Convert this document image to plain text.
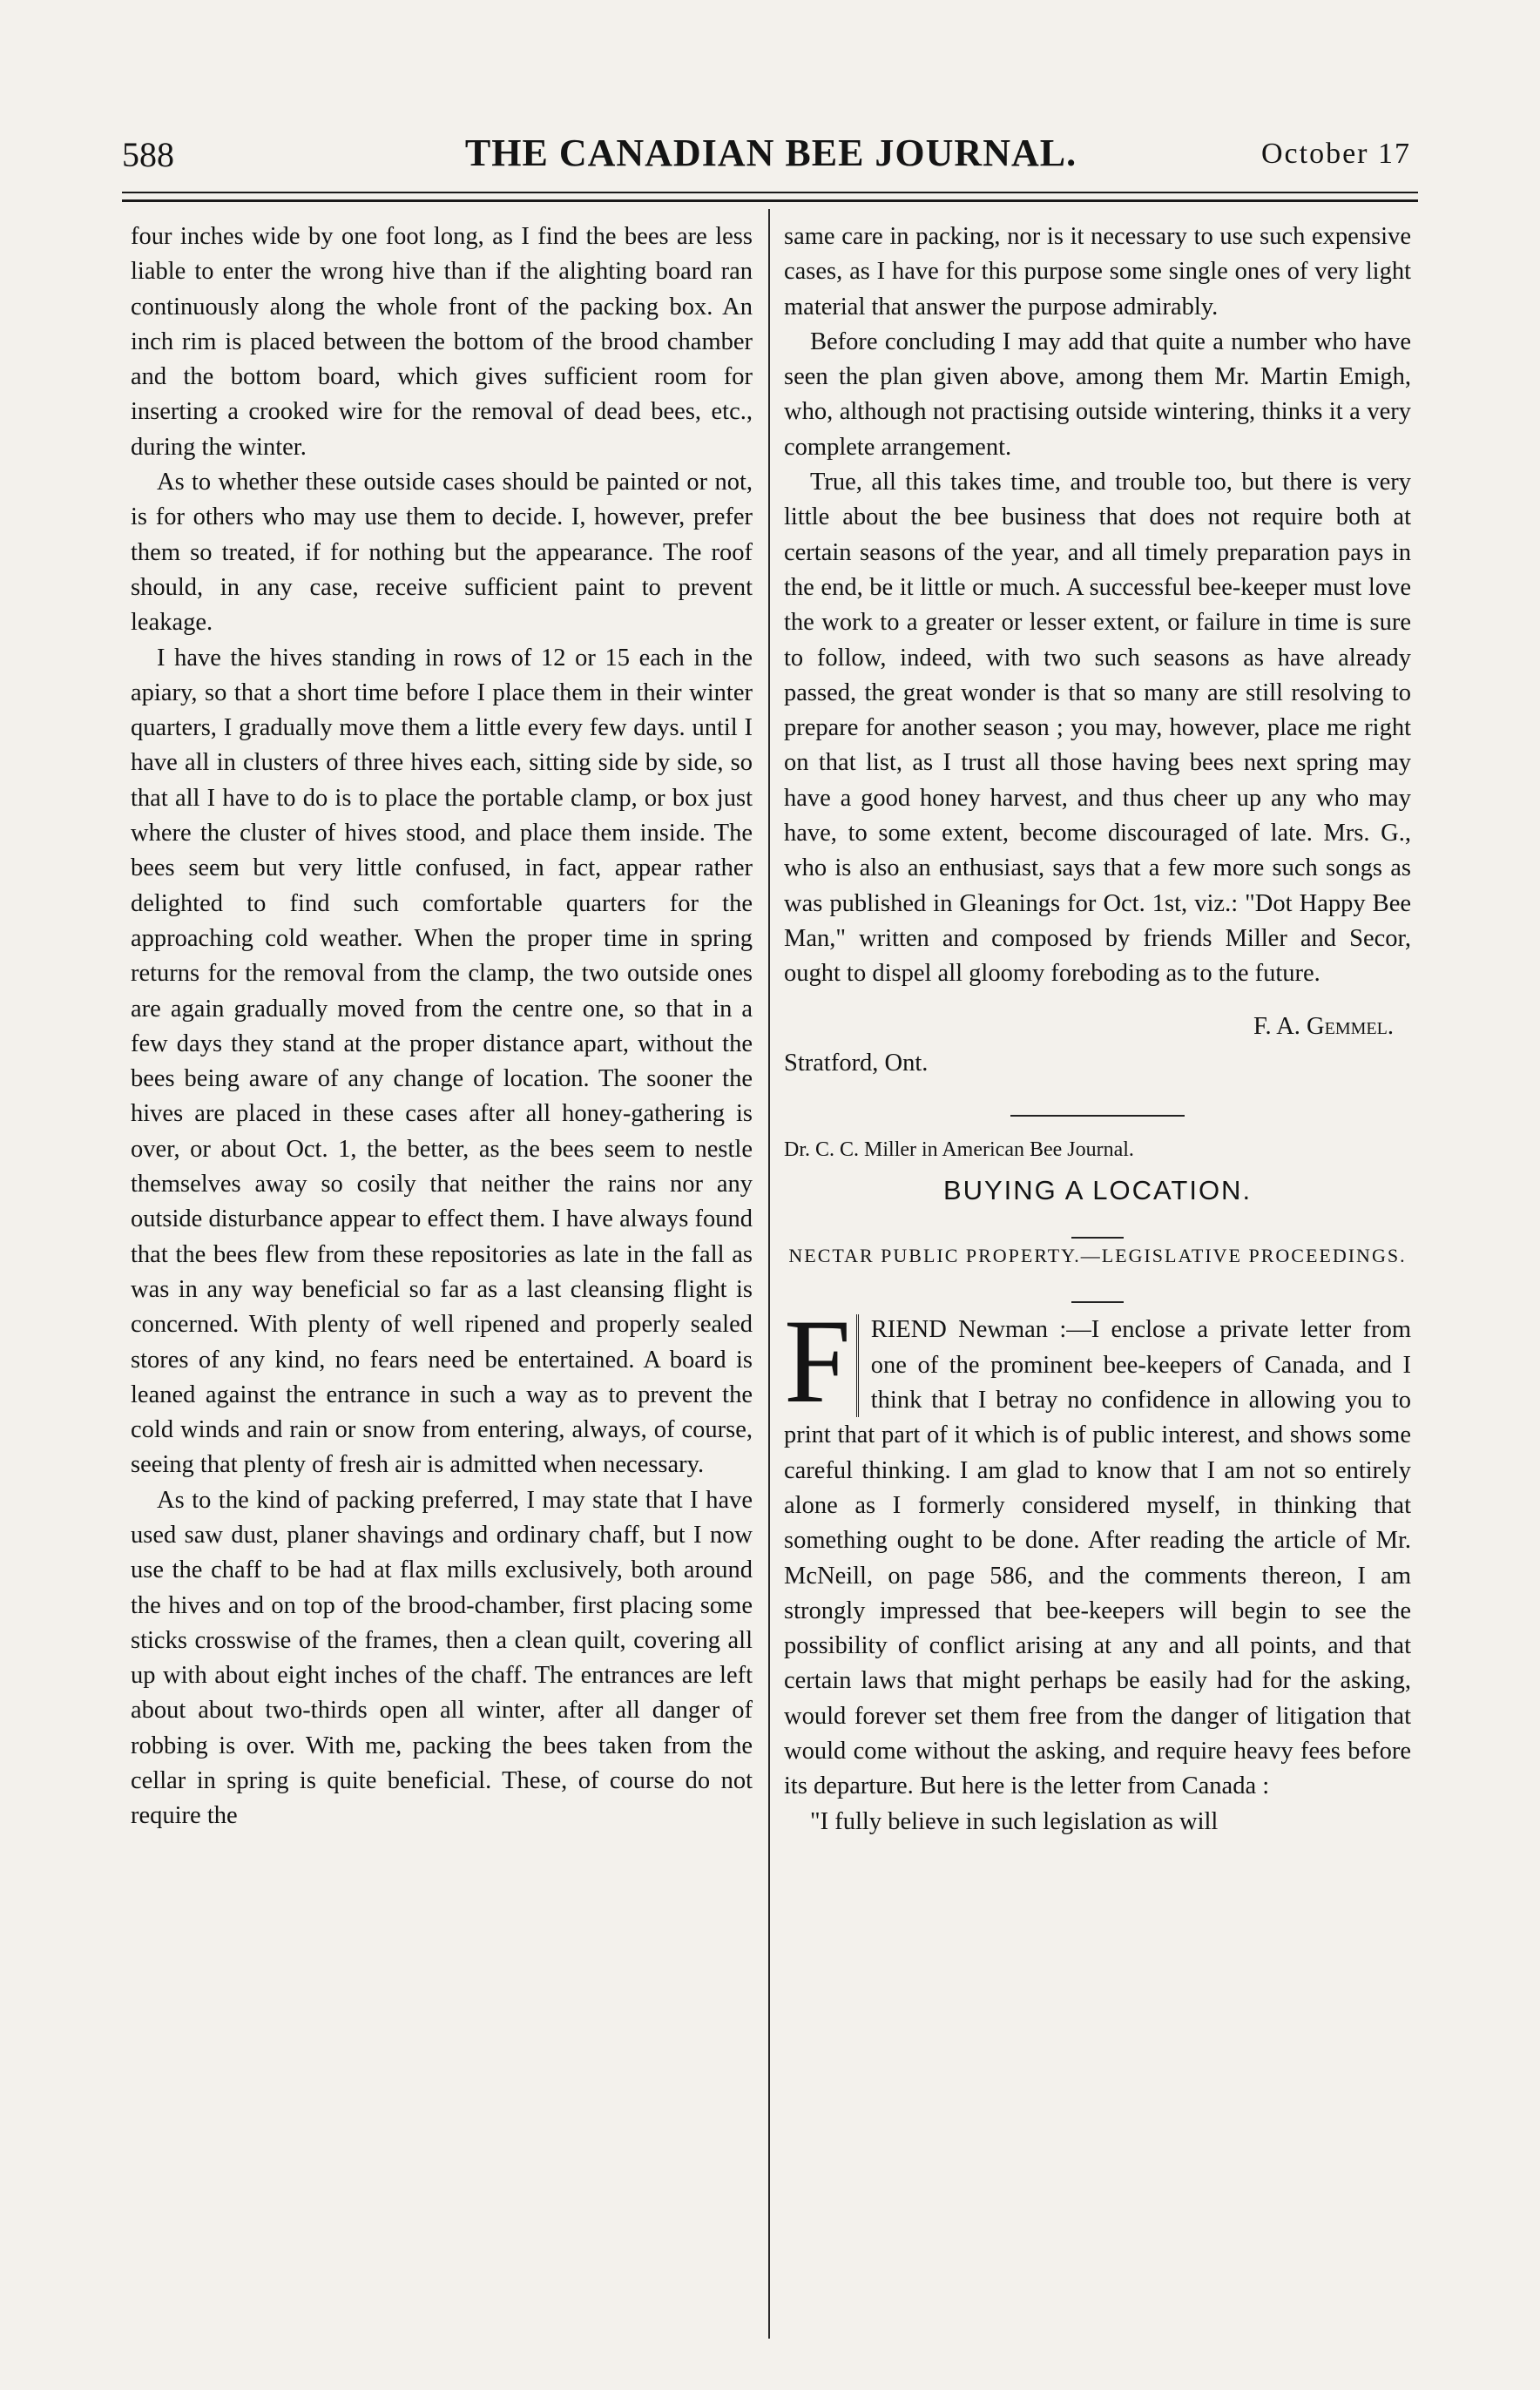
588	THE CANADIAN BEE JOURNAL.	October 17

four inches wide by one foot long, as I find the bees are less liable to enter the wrong hive than if the alighting board ran continuously along the whole front of the packing box. An inch rim is placed between the bottom of the brood chamber and the bottom board, which gives sufficient room for inserting a crooked wire for the removal of dead bees, etc., during the winter.

As to whether these outside cases should be painted or not, is for others who may use them to decide. I, however, prefer them so treated, if for nothing but the appearance. The roof should, in any case, receive sufficient paint to prevent leakage.

I have the hives standing in rows of 12 or 15 each in the apiary, so that a short time before I place them in their winter quarters, I gradually move them a little every few days. until I have all in clusters of three hives each, sitting side by side, so that all I have to do is to place the portable clamp, or box just where the cluster of hives stood, and place them inside. The bees seem but very little confused, in fact, appear rather delighted to find such comfortable quarters for the approaching cold weather. When the proper time in spring returns for the removal from the clamp, the two outside ones are again gradually moved from the centre one, so that in a few days they stand at the proper distance apart, without the bees being aware of any change of location. The sooner the hives are placed in these cases after all honey-gathering is over, or about Oct. 1, the better, as the bees seem to nestle themselves away so cosily that neither the rains nor any outside disturbance appear to effect them. I have always found that the bees flew from these repositories as late in the fall as was in any way beneficial so far as a last cleansing flight is concerned. With plenty of well ripened and properly sealed stores of any kind, no fears need be entertained. A board is leaned against the entrance in such a way as to prevent the cold winds and rain or snow from entering, always, of course, seeing that plenty of fresh air is admitted when necessary.

As to the kind of packing preferred, I may state that I have used saw dust, planer shavings and ordinary chaff, but I now use the chaff to be had at flax mills exclusively, both around the hives and on top of the brood-chamber, first placing some sticks crosswise of the frames, then a clean quilt, covering all up with about eight inches of the chaff. The entrances are left about about two-thirds open all winter, after all danger of robbing is over. With me, packing the bees taken from the cellar in spring is quite beneficial. These, of course do not require the

same care in packing, nor is it necessary to use such expensive cases, as I have for this purpose some single ones of very light material that answer the purpose admirably.

Before concluding I may add that quite a number who have seen the plan given above, among them Mr. Martin Emigh, who, although not practising outside wintering, thinks it a very complete arrangement.

True, all this takes time, and trouble too, but there is very little about the bee business that does not require both at certain seasons of the year, and all timely preparation pays in the end, be it little or much. A successful bee-keeper must love the work to a greater or lesser extent, or failure in time is sure to follow, indeed, with two such seasons as have already passed, the great wonder is that so many are still resolving to prepare for another season ; you may, however, place me right on that list, as I trust all those having bees next spring may have a good honey harvest, and thus cheer up any who may have, to some extent, become discouraged of late. Mrs. G., who is also an enthusiast, says that a few more such songs as was published in Gleanings for Oct. 1st, viz.: "Dot Happy Bee Man," written and composed by friends Miller and Secor, ought to dispel all gloomy foreboding as to the future.

F. A. Gemmel.

Stratford, Ont.

Dr. C. C. Miller in American Bee Journal.

BUYING A LOCATION.

NECTAR PUBLIC PROPERTY.—LEGISLATIVE PROCEEDINGS.

F RIEND Newman :—I enclose a private letter from one of the prominent bee-keepers of Canada, and I think that I betray no confidence in allowing you to print that part of it which is of public interest, and shows some careful thinking. I am glad to know that I am not so entirely alone as I formerly considered myself, in thinking that something ought to be done. After reading the article of Mr. McNeill, on page 586, and the comments thereon, I am strongly impressed that bee-keepers will begin to see the possibility of conflict arising at any and all points, and that certain laws that might perhaps be easily had for the asking, would forever set them free from the danger of litigation that would come without the asking, and require heavy fees before its departure. But here is the letter from Canada :

"I fully believe in such legislation as will
